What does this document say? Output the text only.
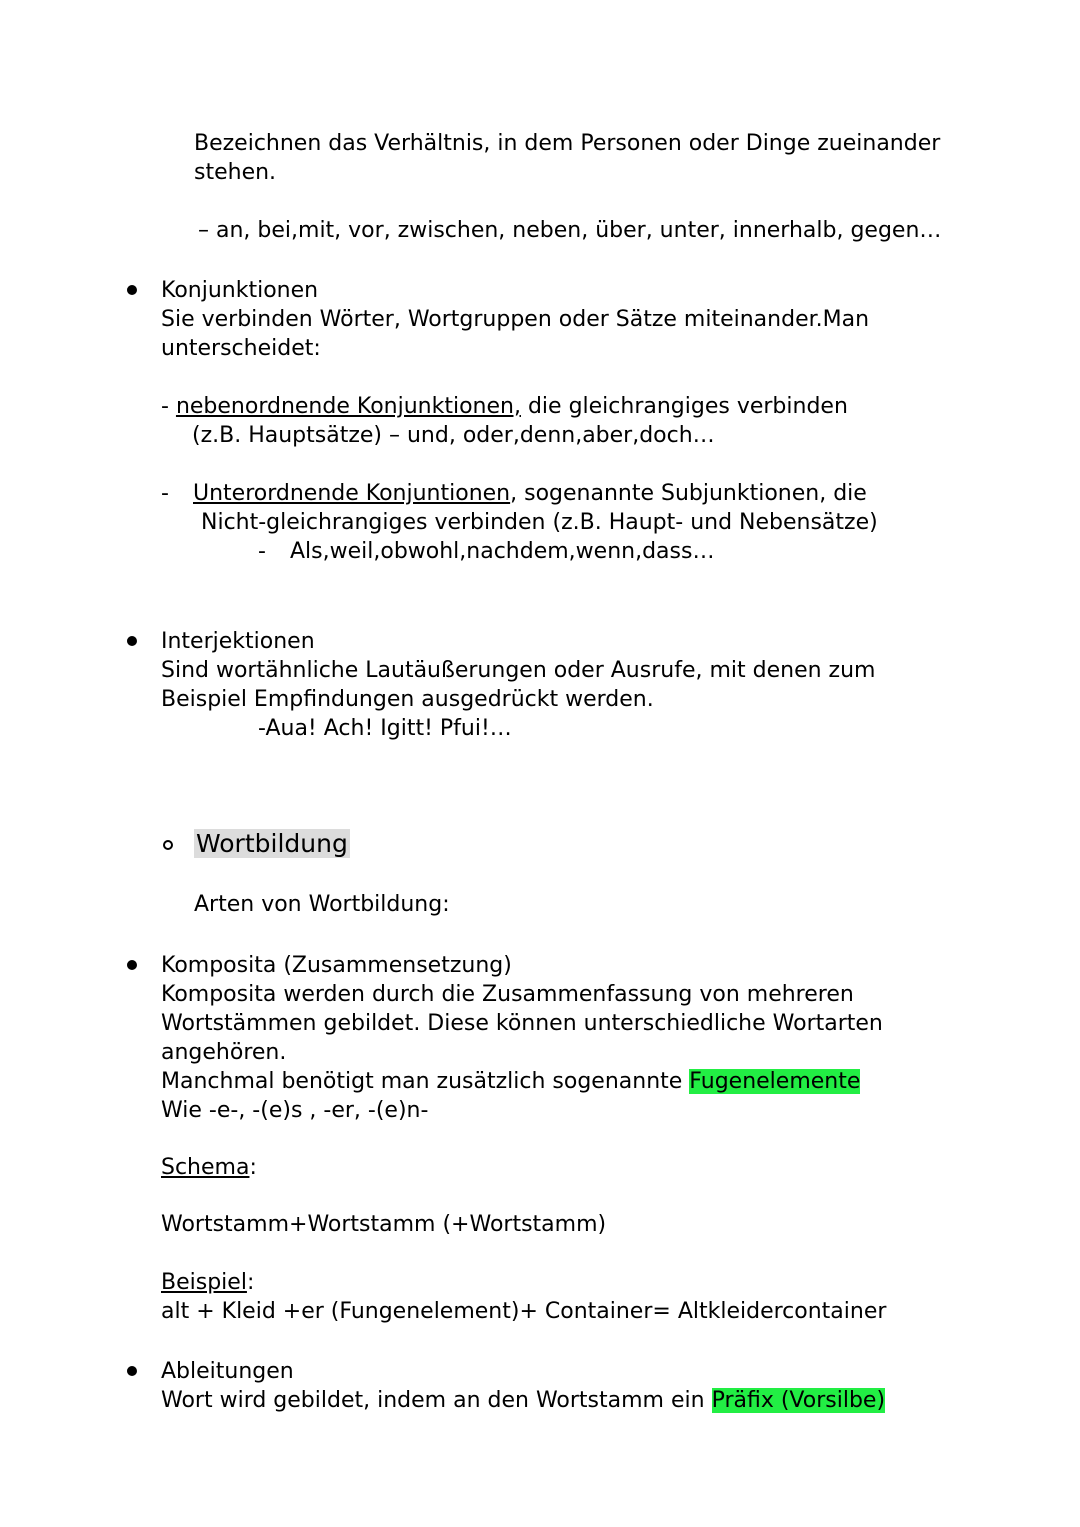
Bezeichnen das Verhältnis, in dem Personen oder Dinge zueinander
stehen.
– an, bei,mit, vor, zwischen, neben, über, unter, innerhalb, gegen…
Konjunktionen
Sie verbinden Wörter, Wortgruppen oder Sätze miteinander.Man
unterscheidet:
- nebenordnende Konjunktionen, die gleichrangiges verbinden
(z.B. Hauptsätze) – und, oder,denn,aber,doch…
- Unterordnende Konjuntionen, sogenannte Subjunktionen, die
Nicht-gleichrangiges verbinden (z.B. Haupt- und Nebensätze)
- Als,weil,obwohl,nachdem,wenn,dass…
Interjektionen
Sind wortähnliche Lautäußerungen oder Ausrufe, mit denen zum
Beispiel Empfindungen ausgedrückt werden.
-Aua! Ach! Igitt! Pfui!…
Wortbildung
Arten von Wortbildung:
Komposita (Zusammensetzung)
Komposita werden durch die Zusammenfassung von mehreren
Wortstämmen gebildet. Diese können unterschiedliche Wortarten
angehören.
Manchmal benötigt man zusätzlich sogenannte Fugenelemente
Wie -e-, -(e)s , -er, -(e)n-
Schema:
Wortstamm+Wortstamm (+Wortstamm)
Beispiel:
alt + Kleid +er (Fungenelement)+ Container= Altkleidercontainer
Ableitungen
Wort wird gebildet, indem an den Wortstamm ein Präfix (Vorsilbe)
